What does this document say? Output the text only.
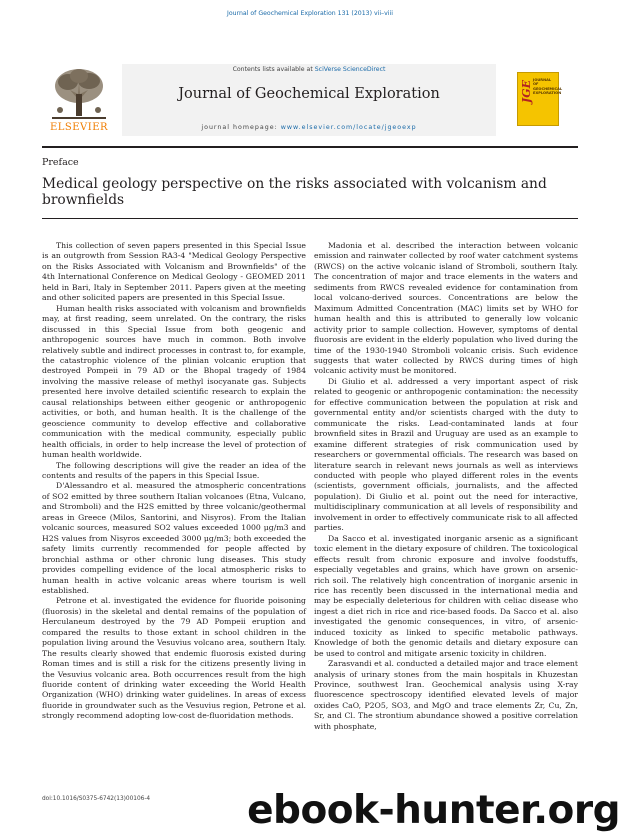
Journal of Geochemical Exploration 131 (2013) vii–viii
ELSEVIER
Contents lists available at SciVerse ScienceDirect
Journal of Geochemical Exploration
journal homepage: www.elsevier.com/locate/jgeoexp
JGE JOURNAL OF GEOCHEMICAL EXPLORATION
Preface
Medical geology perspective on the risks associated with volcanism and brownfields

This collection of seven papers presented in this Special Issue is an outgrowth from Session RA3-4 "Medical Geology Perspective on the Risks Associated with Volcanism and Brownfields" of the 4th International Conference on Medical Geology - GEOMED 2011 held in Bari, Italy in September 2011. Papers given at the meeting and other solicited papers are presented in this Special Issue.

Human health risks associated with volcanism and brownfields may, at first reading, seem unrelated. On the contrary, the risks discussed in this Special Issue from both geogenic and anthropogenic sources have much in common. Both involve relatively subtle and indirect processes in contrast to, for example, the catastrophic violence of the plinian volcanic eruption that destroyed Pompeii in 79 AD or the Bhopal tragedy of 1984 involving the massive release of methyl isocyanate gas. Subjects presented here involve detailed scientific research to explain the causal relationships between either geogenic or anthropogenic activities, or both, and human health. It is the challenge of the geoscience community to develop effective and collaborative communication with the medical community, especially public health officials, in order to help increase the level of protection of human health worldwide.

The following descriptions will give the reader an idea of the contents and results of the papers in this Special Issue.

D'Alessandro et al. measured the atmospheric concentrations of SO2 emitted by three southern Italian volcanoes (Etna, Vulcano, and Stromboli) and the H2S emitted by three volcanic/geothermal areas in Greece (Milos, Santorini, and Nisyros). From the Italian volcanic sources, measured SO2 values exceeded 1000 μg/m3 and H2S values from Nisyros exceeded 3000 μg/m3; both exceeded the safety limits currently recommended for people affected by bronchial asthma or other chronic lung diseases. This study provides compelling evidence of the local atmospheric risks to human health in active volcanic areas where tourism is well established.

Petrone et al. investigated the evidence for fluoride poisoning (fluorosis) in the skeletal and dental remains of the population of Herculaneum destroyed by the 79 AD Pompeii eruption and compared the results to those extant in school children in the population living around the Vesuvius volcano area, southern Italy. The results clearly showed that endemic fluorosis existed during Roman times and is still a risk for the citizens presently living in the Vesuvius volcanic area. Both occurrences result from the high fluoride content of drinking water exceeding the World Health Organization (WHO) drinking water guidelines. In areas of excess fluoride in groundwater such as the Vesuvius region, Petrone et al. strongly recommend adopting low-cost de-fluoridation methods.

Madonia et al. described the interaction between volcanic emission and rainwater collected by roof water catchment systems (RWCS) on the active volcanic island of Stromboli, southern Italy. The concentration of major and trace elements in the waters and sediments from RWCS revealed evidence for contamination from local volcano-derived sources. Concentrations are below the Maximum Admitted Concentration (MAC) limits set by WHO for human health and this is attributed to generally low volcanic activity prior to sample collection. However, symptoms of dental fluorosis are evident in the elderly population who lived during the time of the 1930-1940 Stromboli volcanic crisis. Such evidence suggests that water collected by RWCS during times of high volcanic activity must be monitored.

Di Giulio et al. addressed a very important aspect of risk related to geogenic or anthropogenic contamination: the necessity for effective communication between the population at risk and governmental entity and/or scientists charged with the duty to communicate the risks. Lead-contaminated lands at four brownfield sites in Brazil and Uruguay are used as an example to examine different strategies of risk communication used by researchers or governmental officials. The research was based on literature search in relevant news journals as well as interviews conducted with people who played different roles in the events (scientists, government officials, journalists, and the affected population). Di Giulio et al. point out the need for interactive, multidisciplinary communication at all levels of responsibility and involvement in order to effectively communicate risk to all affected parties.

Da Sacco et al. investigated inorganic arsenic as a significant toxic element in the dietary exposure of children. The toxicological effects result from chronic exposure and involve foodstuffs, especially vegetables and grains, which have grown on arsenic-rich soil. The relatively high concentration of inorganic arsenic in rice has recently been discussed in the international media and may be especially deleterious for children with celiac disease who ingest a diet rich in rice and rice-based foods. Da Sacco et al. also investigated the genomic consequences, in vitro, of arsenic-induced toxicity as linked to specific metabolic pathways. Knowledge of both the genomic details and dietary exposure can be used to control and mitigate arsenic toxicity in children.

Zarasvandi et al. conducted a detailed major and trace element analysis of urinary stones from the main hospitals in Khuzestan Province, southwest Iran. Geochemical analysis using X-ray fluorescence spectroscopy identified elevated levels of major oxides CaO, P2O5, SO3, and MgO and trace elements Zr, Cu, Zn, Sr, and Cl. The strontium abundance showed a positive correlation with phosphate,

doi:10.1016/S0375-6742(13)00106-4	ebook-hunter.org
